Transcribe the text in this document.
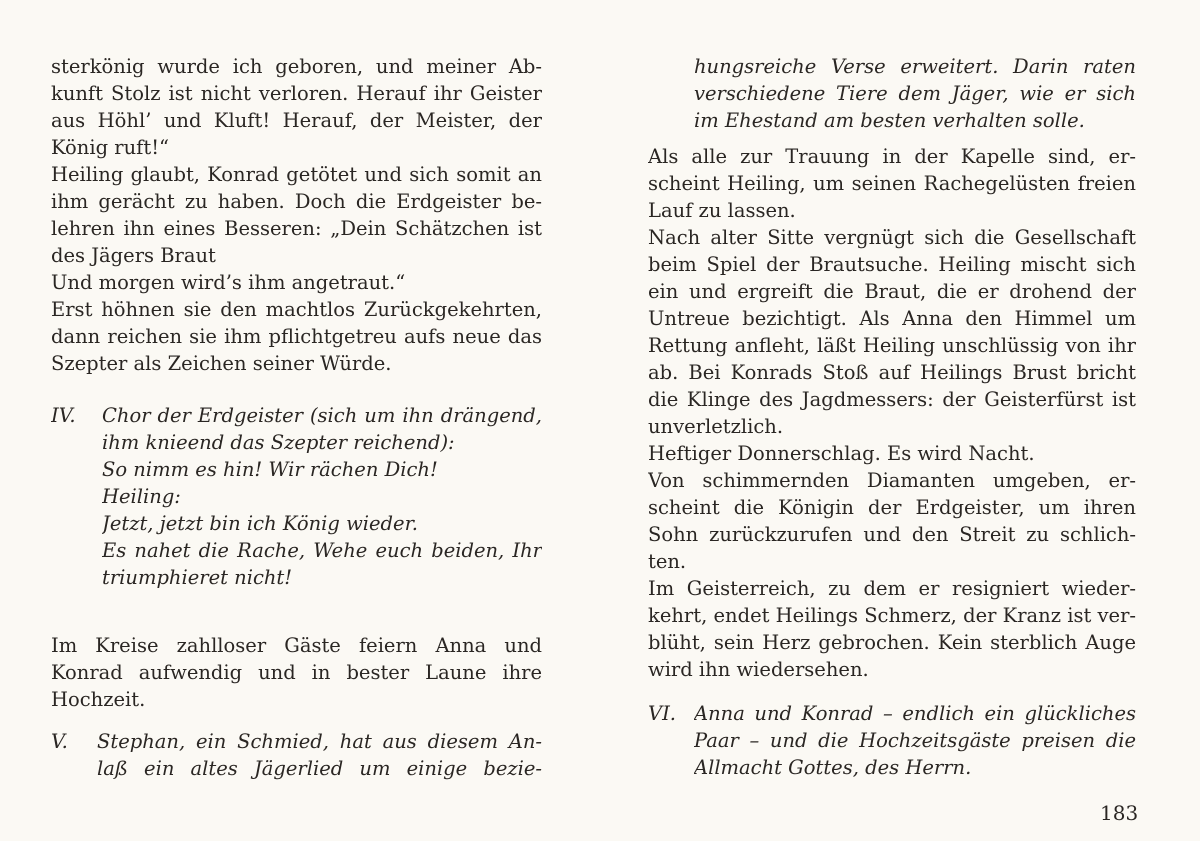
sterkönig wurde ich geboren, und meiner Ab-
kunft Stolz ist nicht verloren. Herauf ihr Geister
aus Höhl’ und Kluft! Herauf, der Meister, der
König ruft!“
Heiling glaubt, Konrad getötet und sich somit an
ihm gerächt zu haben. Doch die Erdgeister be-
lehren ihn eines Besseren: „Dein Schätzchen ist
des Jägers Braut
Und morgen wird’s ihm angetraut.“
Erst höhnen sie den machtlos Zurückgekehrten,
dann reichen sie ihm pflichtgetreu aufs neue das
Szepter als Zeichen seiner Würde.
IV.	Chor der Erdgeister (sich um ihn drängend,
ihm knieend das Szepter reichend):
So nimm es hin! Wir rächen Dich!
Heiling:
Jetzt, jetzt bin ich König wieder.
Es nahet die Rache, Wehe euch beiden, Ihr
triumphieret nicht!
Im Kreise zahlloser Gäste feiern Anna und
Konrad aufwendig und in bester Laune ihre
Hochzeit.
V.	Stephan, ein Schmied, hat aus diesem An-
laß ein altes Jägerlied um einige bezie-
hungsreiche Verse erweitert. Darin raten
verschiedene Tiere dem Jäger, wie er sich
im Ehestand am besten verhalten solle.
Als alle zur Trauung in der Kapelle sind, er-
scheint Heiling, um seinen Rachegelüsten freien
Lauf zu lassen.
Nach alter Sitte vergnügt sich die Gesellschaft
beim Spiel der Brautsuche. Heiling mischt sich
ein und ergreift die Braut, die er drohend der
Untreue bezichtigt. Als Anna den Himmel um
Rettung anfleht, läßt Heiling unschlüssig von ihr
ab. Bei Konrads Stoß auf Heilings Brust bricht
die Klinge des Jagdmessers: der Geisterfürst ist
unverletzlich.
Heftiger Donnerschlag. Es wird Nacht.
Von schimmernden Diamanten umgeben, er-
scheint die Königin der Erdgeister, um ihren
Sohn zurückzurufen und den Streit zu schlich-
ten.
Im Geisterreich, zu dem er resigniert wieder-
kehrt, endet Heilings Schmerz, der Kranz ist ver-
blüht, sein Herz gebrochen. Kein sterblich Auge
wird ihn wiedersehen.
VI. Anna und Konrad – endlich ein glückliches
Paar – und die Hochzeitsgäste preisen die
Allmacht Gottes, des Herrn.
183
